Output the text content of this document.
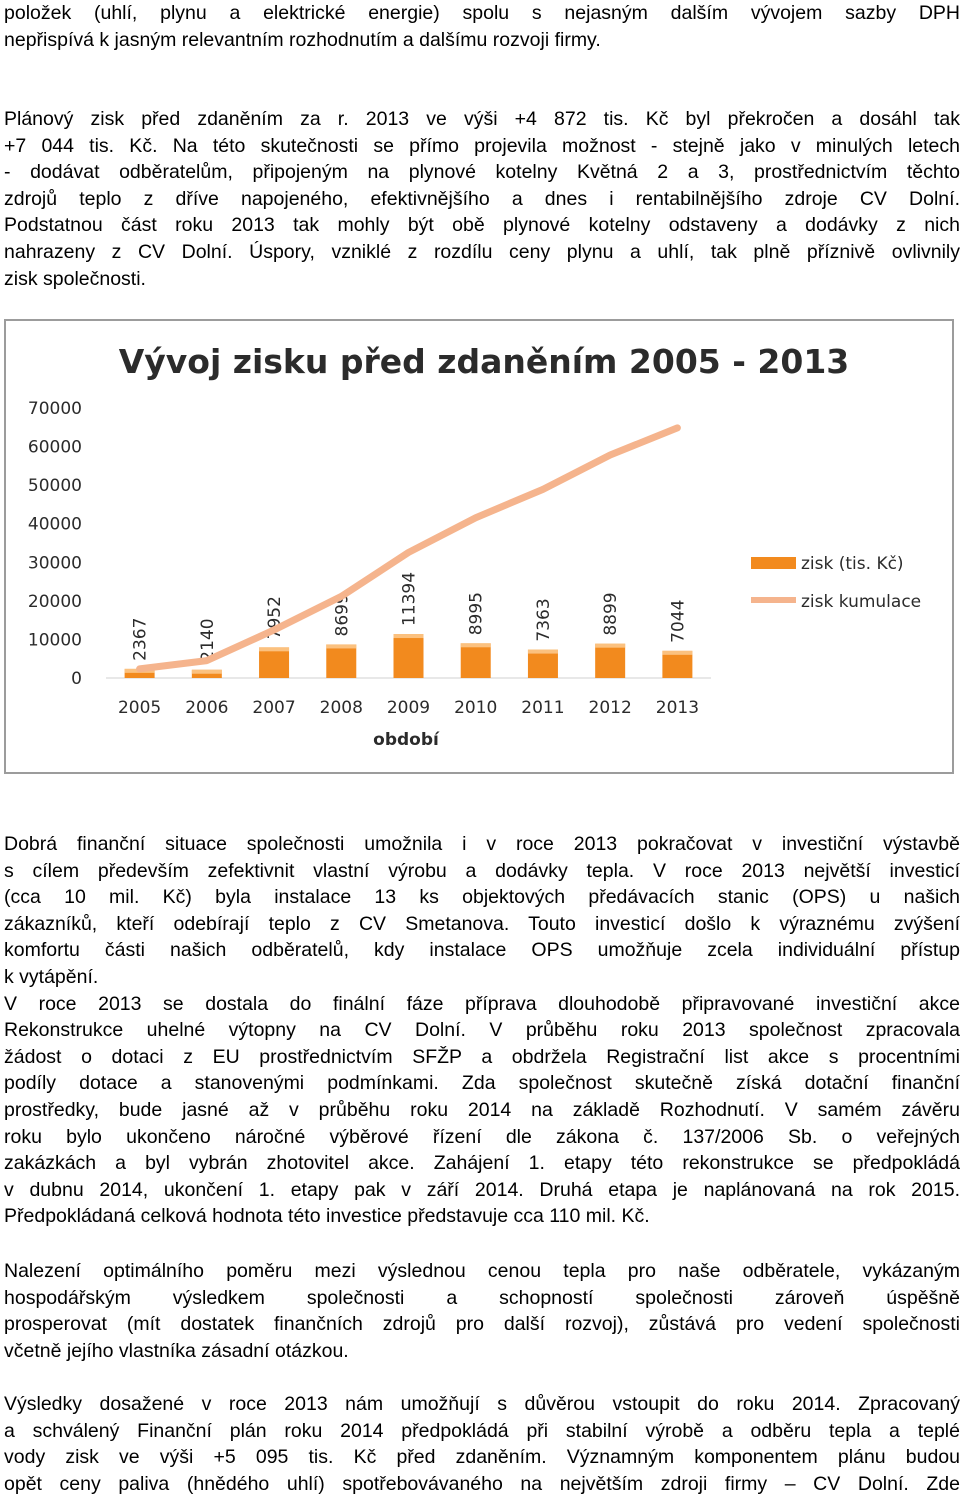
položek (uhlí, plynu a elektrické energie) spolu s nejasným dalším vývojem sazby DPH
nepřispívá k jasným relevantním rozhodnutím a dalšímu rozvoji firmy.

Plánový zisk před zdaněním za r. 2013 ve výši +4 872 tis. Kč byl překročen a dosáhl tak
+7 044 tis. Kč. Na této skutečnosti se přímo projevila možnost - stejně jako v minulých letech
- dodávat odběratelům, připojeným na plynové kotelny Květná 2 a 3, prostřednictvím těchto
zdrojů teplo z dříve napojeného, efektivnějšího a dnes i rentabilnějšího zdroje CV Dolní.
Podstatnou část roku 2013 tak mohly být obě plynové kotelny odstaveny a dodávky z nich
nahrazeny z CV Dolní. Úspory, vzniklé z rozdílu ceny plynu a uhlí, tak plně příznivě ovlivnily
zisk společnosti.

Vývoj zisku před zdaněním 2005 - 2013
0
10000
20000
30000
40000
50000
60000
70000
2367	2140
7952	8699	11394	8995	7363	8899	7044
2005 2006 2007 2008 2009 2010 2011 2012 2013
zisk (tis. Kč)
zisk kumulace
období

Dobrá finanční situace společnosti umožnila i v roce 2013 pokračovat v investiční výstavbě
s cílem především zefektivnit vlastní výrobu a dodávky tepla. V roce 2013 největší investicí
(cca 10 mil. Kč) byla instalace 13 ks objektových předávacích stanic (OPS) u našich
zákazníků, kteří odebírají teplo z CV Smetanova. Touto investicí došlo k výraznému zvýšení
komfortu části našich odběratelů, kdy instalace OPS umožňuje zcela individuální přístup
k vytápění.
V roce 2013 se dostala do finální fáze příprava dlouhodobě připravované investiční akce
Rekonstrukce uhelné výtopny na CV Dolní. V průběhu roku 2013 společnost zpracovala
žádost o dotaci z EU prostřednictvím SFŽP a obdržela Registrační list akce s procentními
podíly dotace a stanovenými podmínkami. Zda společnost skutečně získá dotační finanční
prostředky, bude jasné až v průběhu roku 2014 na základě Rozhodnutí. V samém závěru
roku bylo ukončeno náročné výběrové řízení dle zákona č. 137/2006 Sb. o veřejných
zakázkách a byl vybrán zhotovitel akce. Zahájení 1. etapy této rekonstrukce se předpokládá
v dubnu 2014, ukončení 1. etapy pak v září 2014. Druhá etapa je naplánovaná na rok 2015.
Předpokládaná celková hodnota této investice představuje cca 110 mil. Kč.

Nalezení optimálního poměru mezi výslednou cenou tepla pro naše odběratele, vykázaným
hospodářským výsledkem společnosti a schopností společnosti zároveň úspěšně
prosperovat (mít dostatek finančních zdrojů pro další rozvoj), zůstává pro vedení společnosti
včetně jejího vlastníka zásadní otázkou.

Výsledky dosažené v roce 2013 nám umožňují s důvěrou vstoupit do roku 2014. Zpracovaný
a schválený Finanční plán roku 2014 předpokládá při stabilní výrobě a odběru tepla a teplé
vody zisk ve výši +5 095 tis. Kč před zdaněním. Významným komponentem plánu budou
opět ceny paliva (hnědého uhlí) spotřebovávaného na největším zdroji firmy – CV Dolní. Zde
